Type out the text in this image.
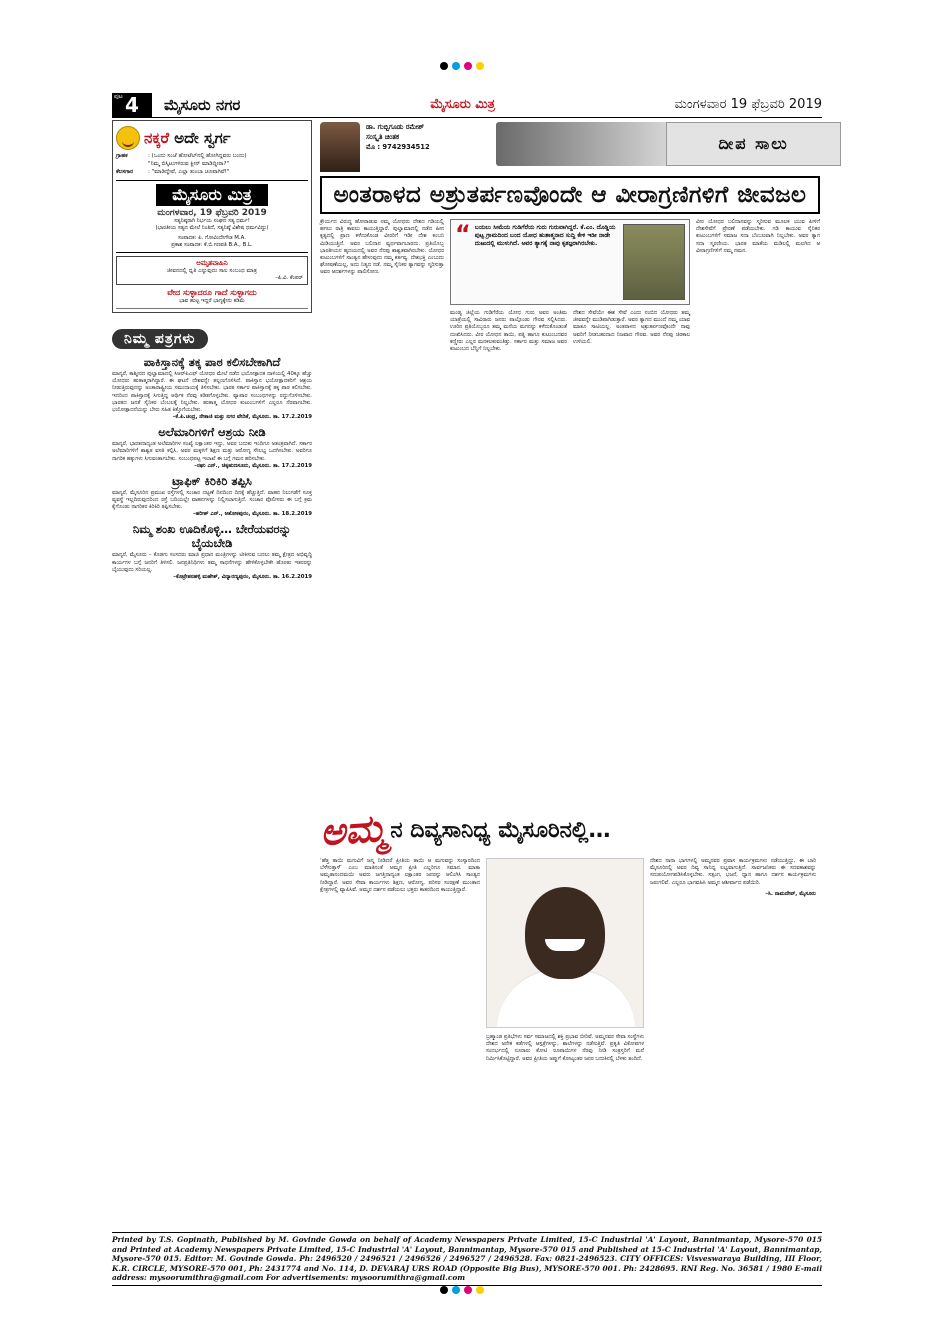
ಪುಟ 4 ಮೈಸೂರು ನಗರ	ಮೈಸೂರು ಮಿತ್ರ	ಮಂಗಳವಾರ 19 ಫೆಬ್ರವರಿ 2019
ನಕ್ಕರೆ ಅದೇ ಸ್ವರ್ಗ
ಗ್ರಾಹಕ	: (ಒಂದು ಸಂಜೆ ಹೋಟೆಲ್‌ನಲ್ಲಿ ಹೋಗಿದ್ದವರು ಬಂದು)
"ನಿಮ್ಮ ಬಿಸ್ಕಿಟುಗಳಿರುವ ಕ್ಲೀನ್ ಮಾಡಿದ್ದೀರಾ?"
ಕೆಲಸಗಾರ	: "ಮಾಡಿದ್ದೇವೆ, ಎಲ್ಲಾ ತುಂಬಾ ಚೂಪಾಗಿವೆ!"
ಮೈಸೂರು ಮಿತ್ರ
ಮಂಗಳವಾರ, 19 ಫೆಬ್ರವರಿ 2019
ಸತ್ಯನಿಷ್ಠರಾಗಿ ನಿರ್ಭಯ ಸಂಘದ ಸತ್ಯ ಧರ್ಮ!
(ಭಾರತೀಯ ಸತ್ಯದ ಮೇಲೆ ನಿಂತಿದೆ, ಸತ್ಯನಿಷ್ಠೆ ವಿಶೇಷ ಧರ್ಮವಿದ್ದು)
ಸಂಪಾದಕ: ಪಿ. ಗೋವಿಂದೇಗೌಡ M.A.
ಪ್ರಕಾಶ ಸಂಪಾದಕ: ಕೆ.ಬಿ.ಗಣಪತಿ B.A., B.L.
ಅಮೃತವಾಹಿನಿ
ಜೀವನದಲ್ಲಿ ಧೃತಿ ಎನ್ನುವುದು ಸಾಲ ಸಂಬಂಧ ಮಾತ್ರ
–ಪಿ.ವಿ. ಕೆಂಪರ್
ವೇದ ಸುಳ್ಳಾದರೂ ಗಾದೆ ಸುಳ್ಳಾಗದು
ಭಾವ ಹುಟ್ಟ ಇದ್ದರೆ ಭಾಗ್ಯಕ್ಕೇನು ಕಡಿಮೆ
ನಿಮ್ಮ ಪತ್ರಗಳು
ಪಾಕಿಸ್ತಾನಕ್ಕೆ ತಕ್ಕ ಪಾಠ ಕಲಿಸಬೇಕಾಗಿದೆ
ಮಾನ್ಯರೆ, ಕಾಶ್ಮೀರದ ಪುಲ್ವಾಮಾದಲ್ಲಿ ಸಿಆರ್‌ಪಿಎಫ್ ಯೋಧರ ಮೇಲೆ ನಡೆದ ಭಯೋತ್ಪಾದಕ ದಾಳಿಯಲ್ಲಿ 40ಕ್ಕೂ ಹೆಚ್ಚು ಯೋಧರು ಹುತಾತ್ಮರಾಗಿದ್ದಾರೆ. ಈ ಘಟನೆ ದೇಶವನ್ನೇ ತಲ್ಲಣಗೊಳಿಸಿದೆ. ಪಾಕಿಸ್ತಾನ ಭಯೋತ್ಪಾದಕರಿಗೆ ಆಶ್ರಯ ನೀಡುತ್ತಿರುವುದನ್ನು ಅಂತಾರಾಷ್ಟ್ರೀಯ ಸಮುದಾಯಕ್ಕೆ ತಿಳಿಸಬೇಕು. ಭಾರತ ಸರ್ಕಾರ ಪಾಕಿಸ್ತಾನಕ್ಕೆ ತಕ್ಕ ಪಾಠ ಕಲಿಸಬೇಕು. ಇದರಿಂದ ಪಾಕಿಸ್ತಾನಕ್ಕೆ ಸಿಗುತ್ತಿದ್ದ ಆರ್ಥಿಕ ನೆರವು ಕಡಿತಗೊಳ್ಳಬೇಕು. ವ್ಯಾಪಾರ ಸಂಬಂಧಗಳನ್ನು ರದ್ದುಗೊಳಿಸಬೇಕು. ಭಾರತದ ಜನತೆ ಸೈನಿಕರ ಬೆಂಬಲಕ್ಕೆ ನಿಲ್ಲಬೇಕು. ಹುತಾತ್ಮ ಯೋಧರ ಕುಟುಂಬಗಳಿಗೆ ಎಲ್ಲರೂ ನೆರವಾಗಬೇಕು. ಭಯೋತ್ಪಾದನೆಯನ್ನು ಬೇರು ಸಹಿತ ಕಿತ್ತೊಗೆಯಬೇಕು.
–ಕೆ.ಪಿ.ಚಂದ್ರ, ನೇತಾಜಿ ಮತ್ತು ನಗರ ವೇದಿಕೆ, ಮೈಸೂರು. ತಾ. 17.2.2019
ಅಲೆಮಾರಿಗಳಿಗೆ ಆಶ್ರಯ ನೀಡಿ
ಮಾನ್ಯರೆ, ಭಾರತದಾದ್ಯಂತ ಅಲೆಮಾರಿಗಳ ಸಂಖ್ಯೆ ಲಕ್ಷಾಂತರ ಇದ್ದು, ಅವರ ಬದುಕು ಇಂದಿಗೂ ಅತಂತ್ರವಾಗಿದೆ. ಸರ್ಕಾರ ಅಲೆಮಾರಿಗಳಿಗೆ ಶಾಶ್ವತ ವಸತಿ ಕಲ್ಪಿಸಿ, ಅವರ ಮಕ್ಕಳಿಗೆ ಶಿಕ್ಷಣ ಮತ್ತು ಆರೋಗ್ಯ ಸೌಲಭ್ಯ ಒದಗಿಸಬೇಕು. ಅವರಿಗೂ ನಾಗರಿಕ ಹಕ್ಕುಗಳು ಸಿಗುವಂತಾಗಬೇಕು. ಸಂಬಂಧಪಟ್ಟ ಇಲಾಖೆ ಈ ಬಗ್ಗೆ ಗಮನ ಹರಿಸಬೇಕು.
–ರಘು ಎನ್., ಚಿಕ್ಕಹುಣಸೂರು, ಮೈಸೂರು. ತಾ. 17.2.2019
ಟ್ರಾಫಿಕ್ ಕಿರಿಕಿರಿ ತಪ್ಪಿಸಿ
ಮಾನ್ಯರೆ, ಮೈಸೂರಿನ ಪ್ರಮುಖ ರಸ್ತೆಗಳಲ್ಲಿ ಸಂಚಾರ ದಟ್ಟಣೆ ದಿನದಿಂದ ದಿನಕ್ಕೆ ಹೆಚ್ಚುತ್ತಿದೆ. ವಾಹನ ನಿಲುಗಡೆಗೆ ಸೂಕ್ತ ವ್ಯವಸ್ಥೆ ಇಲ್ಲದಿರುವುದರಿಂದ ರಸ್ತೆ ಬದಿಯಲ್ಲೇ ವಾಹನಗಳನ್ನು ನಿಲ್ಲಿಸಲಾಗುತ್ತಿದೆ. ಸಂಚಾರ ಪೊಲೀಸರು ಈ ಬಗ್ಗೆ ಕ್ರಮ ಕೈಗೊಂಡು ನಾಗರಿಕರ ಕಿರಿಕಿರಿ ತಪ್ಪಿಸಬೇಕು.
–ಹರೀಶ್ ಎನ್., ಅಶೋಕಪುರಂ, ಮೈಸೂರು. ತಾ. 18.2.2019
ನಿಮ್ಮ ಶಂಖ ಊದಿಕೊಳ್ಳಿ… ಬೇರೆಯವರನ್ನು ಬೈಯಬೇಡಿ
ಮಾನ್ಯರೆ, ಮೈಸೂರು – ಕೊಡಗು ಸಂಸದರು ಮಾಜಿ ಪ್ರಧಾನ ಮಂತ್ರಿಗಳನ್ನು ಟೀಕಿಸುವ ಬದಲು ತಮ್ಮ ಕ್ಷೇತ್ರದ ಅಭಿವೃದ್ಧಿ ಕಾರ್ಯಗಳ ಬಗ್ಗೆ ಜನರಿಗೆ ತಿಳಿಸಲಿ. ಜನಪ್ರತಿನಿಧಿಗಳು ತಮ್ಮ ಸಾಧನೆಗಳನ್ನು ಹೇಳಿಕೊಳ್ಳಬೇಕೇ ಹೊರತು ಇತರರನ್ನು ಬೈಯುವುದು ಸರಿಯಲ್ಲ.
–ಕೊಟ್ರೇಶನಹಳ್ಳಿ ಮಹೇಶ್, ವಿದ್ಯಾರಣ್ಯಪುರಂ, ಮೈಸೂರು. ತಾ. 16.2.2019
ಡಾ. ಗುಬ್ಬಿಗೂಡು ರಮೇಶ್
ಸಂಸ್ಕೃತಿ ಚಿಂತಕ
ಮೊ : 9742934512	ದೀಪ ಸಾಲು
ಅಂತರಾಳದ ಅಶ್ರುತರ್ಪಣವೊಂದೇ ಆ ವೀರಾಗ್ರಣಿಗಳಿಗೆ ಜೀವಜಲ
ಕ್ರೌರ್ಯದ ವಿರುದ್ಧ ಹೋರಾಡುವ ನಮ್ಮ ಯೋಧರು ದೇಶದ ಗಡಿಯಲ್ಲಿ ಹಗಲು ರಾತ್ರಿ ಕಾವಲು ಕಾಯುತ್ತಿದ್ದಾರೆ. ಪುಲ್ವಾಮಾದಲ್ಲಿ ನಡೆದ ಹೀನ ಕೃತ್ಯದಲ್ಲಿ ಪ್ರಾಣ ಕಳೆದುಕೊಂಡ ವೀರರಿಗೆ ಇಡೀ ದೇಶ ಕಂಬನಿ ಮಿಡಿಯುತ್ತಿದೆ. ಅವರ ಬಲಿದಾನ ವ್ಯರ್ಥವಾಗಬಾರದು. ಪ್ರತಿಯೊಬ್ಬ ಭಾರತೀಯನ ಹೃದಯದಲ್ಲಿ ಅವರ ನೆನಪು ಶಾಶ್ವತವಾಗಿರಬೇಕು. ಯೋಧರ ಕುಟುಂಬಗಳಿಗೆ ಸಾಂತ್ವನ ಹೇಳುವುದು ನಮ್ಮ ಕರ್ತವ್ಯ. ದೇಶಭಕ್ತಿ ಎಂಬುದು ಘೋಷಣೆಯಲ್ಲ, ಅದು ನಿತ್ಯದ ನಡೆ. ನಮ್ಮ ಸೈನಿಕರ ತ್ಯಾಗವನ್ನು ಸ್ಮರಿಸುತ್ತಾ ಅವರ ಆದರ್ಶಗಳನ್ನು ಪಾಲಿಸೋಣ.
“ ಬಯಲು ಸೀಮೆಯ ಗುಡಿಗೆರೆಯ ಗುರು ಗುರುವಾಗಿದ್ದರೆ. ಕೆ.ಎಂ. ದೊಡ್ಡಿಯ ಪುಟ್ಟ ಗ್ರಾಮದಿಂದ ಬಂದ ಯೋಧ ಹುತಾತ್ಮನಾದ ಸುದ್ದಿ ಕೇಳಿ ಇಡೀ ನಾಡೇ ದುಃಖದಲ್ಲಿ ಮುಳುಗಿದೆ. ಅವರ ತ್ಯಾಗಕ್ಕೆ ನಾವು ಕೃತಜ್ಞರಾಗಿರಬೇಕು.
ಮಂಡ್ಯ ಜಿಲ್ಲೆಯ ಗುಡಿಗೆರೆಯ ಯೋಧ ಗುರು ಅವರ ಅಂತಿಮ ಯಾತ್ರೆಯಲ್ಲಿ ಸಾವಿರಾರು ಜನರು ಪಾಲ್ಗೊಂಡು ಗೌರವ ಸಲ್ಲಿಸಿದರು. ಊರಿನ ಪ್ರತಿಯೊಬ್ಬರೂ ತಮ್ಮ ಮನೆಯ ಮಗನನ್ನು ಕಳೆದುಕೊಂಡಂತೆ ದುಃಖಿಸಿದರು. ವೀರ ಯೋಧನ ತಾಯಿ, ಪತ್ನಿ ಹಾಗೂ ಕುಟುಂಬದವರ ಕಣ್ಣೀರು ಎಲ್ಲರ ಮನಕಲಕುವಂತಿತ್ತು. ಸರ್ಕಾರ ಮತ್ತು ಸಮಾಜ ಅವರ ಕುಟುಂಬದ ಬೆನ್ನಿಗೆ ನಿಲ್ಲಬೇಕು.
ದೇಶದ ಸೇವೆಯೇ ಈಶ ಸೇವೆ ಎಂದು ನಂಬಿದ ಯೋಧರು ತಮ್ಮ ಜೀವವನ್ನೇ ಮುಡಿಪಾಗಿಡುತ್ತಾರೆ. ಅವರ ತ್ಯಾಗದ ಮುಂದೆ ನಮ್ಮ ಯಾವ ಮಾತೂ ಸಾಟಿಯಲ್ಲ. ಅಂತರಾಳದ ಅಶ್ರುತರ್ಪಣವೊಂದೇ ನಾವು ಅವರಿಗೆ ನೀಡಬಹುದಾದ ನಿಜವಾದ ಗೌರವ. ಅವರ ನೆನಪು ಚಿರಕಾಲ ಉಳಿಯಲಿ.
ವೀರ ಯೋಧರ ಬಲಿದಾನವನ್ನು ಸ್ಮರಿಸುವ ಮೂಲಕ ಯುವ ಪೀಳಿಗೆ ದೇಶಸೇವೆಗೆ ಪ್ರೇರಣೆ ಪಡೆಯಬೇಕು. ಗಡಿ ಕಾಯುವ ಸೈನಿಕರ ಕುಟುಂಬಗಳಿಗೆ ಸಮಾಜ ಸದಾ ಬೆಂಬಲವಾಗಿ ನಿಲ್ಲಬೇಕು. ಅವರ ತ್ಯಾಗ ಸದಾ ಸ್ಮರಣೀಯ. ಭಾರತ ಮಾತೆಯ ಮಡಿಲಲ್ಲಿ ಮಲಗಿದ ಆ ವೀರಾಗ್ರಣಿಗಳಿಗೆ ನಮ್ಮ ನಮನ.
ಅಮ್ಮ ನ ದಿವ್ಯಸಾನಿಧ್ಯ ಮೈಸೂರಿನಲ್ಲಿ…
‘ಹೆತ್ತ ತಾಯಿ ಮಗುವಿಗೆ ಜನ್ಮ ನೀಡಿದರೆ ಪ್ರೀತಿಯ ತಾಯಿ ಆ ಮಗುವನ್ನು ಸಂಸ್ಕಾರದಿಂದ ಬೆಳೆಸುತ್ತಾಳೆ’ ಎಂಬ ಮಾತಿನಂತೆ ಅಮ್ಮನ ಪ್ರೀತಿ ಎಲ್ಲರಿಗೂ ಸಮಾನ. ಮಾತಾ ಅಮೃತಾನಂದಮಯಿ ಅವರು ಜಗತ್ತಿನಾದ್ಯಂತ ಲಕ್ಷಾಂತರ ಜನರನ್ನು ಆಲಿಂಗಿಸಿ ಸಾಂತ್ವನ ನೀಡಿದ್ದಾರೆ. ಅವರ ಸೇವಾ ಕಾರ್ಯಗಳು ಶಿಕ್ಷಣ, ಆರೋಗ್ಯ, ಪರಿಸರ ಸಂರಕ್ಷಣೆ ಮುಂತಾದ ಕ್ಷೇತ್ರಗಳಲ್ಲಿ ವ್ಯಾಪಿಸಿವೆ. ಅಮ್ಮನ ದರ್ಶನ ಪಡೆಯಲು ಭಕ್ತರು ಕಾತರದಿಂದ ಕಾಯುತ್ತಿದ್ದಾರೆ.
ಬ್ರಹ್ಮಾಂಡ ಪ್ರತಿಭೆಗಳು ಸರ್ವ ಸಮಾಜದಲ್ಲಿ ಶಕ್ತಿ ಪ್ರಭಾವ ಬೀರಿವೆ. ಅಮ್ಮನವರ ಸೇವಾ ಸಂಸ್ಥೆಗಳು ದೇಶದ ಅನೇಕ ಕಡೆಗಳಲ್ಲಿ ಆಸ್ಪತ್ರೆಗಳನ್ನು, ಶಾಲೆಗಳನ್ನು ನಡೆಸುತ್ತಿವೆ. ಪ್ರಕೃತಿ ವಿಕೋಪಗಳ ಸಂದರ್ಭದಲ್ಲಿ ನೂರಾರು ಕೋಟಿ ರೂಪಾಯಿಗಳ ನೆರವು ನೀಡಿ ಸಂತ್ರಸ್ತರಿಗೆ ಮನೆ ನಿರ್ಮಿಸಿಕೊಟ್ಟಿದ್ದಾರೆ. ಅವರ ಪ್ರೀತಿಯ ಅಪ್ಪುಗೆ ಕೋಟ್ಯಂತರ ಜನರ ಬದುಕಿನಲ್ಲಿ ಬೆಳಕು ತಂದಿದೆ.
ದೇಶದ ನಾನಾ ಭಾಗಗಳಲ್ಲಿ ಅಮ್ಮನವರ ಪ್ರವಾಸ ಕಾರ್ಯಕ್ರಮಗಳು ನಡೆಯುತ್ತಿದ್ದು, ಈ ಬಾರಿ ಮೈಸೂರಿನಲ್ಲಿ ಅವರ ದಿವ್ಯ ಸಾನಿಧ್ಯ ಲಭ್ಯವಾಗುತ್ತಿದೆ. ಸಾರ್ವಜನಿಕರು ಈ ಸದವಕಾಶವನ್ನು ಸದುಪಯೋಗಪಡಿಸಿಕೊಳ್ಳಬೇಕು. ಸತ್ಸಂಗ, ಭಜನೆ, ಧ್ಯಾನ ಹಾಗೂ ದರ್ಶನ ಕಾರ್ಯಕ್ರಮಗಳು ಜರುಗಲಿವೆ. ಎಲ್ಲರೂ ಭಾಗವಹಿಸಿ ಅಮ್ಮನ ಆಶೀರ್ವಾದ ಪಡೆಯಿರಿ.
–ಸಿ. ನಾಮದೇವ್, ಮೈಸೂರು
Printed by T.S. Gopinath, Published by M. Govinde Gowda on behalf of Academy Newspapers Private Limited, 15-C Industrial 'A' Layout, Bannimantap, Mysore-570 015 and Printed at Academy Newspapers Private Limited, 15-C Industrial 'A' Layout, Bannimantap, Mysore-570 015 and Published at 15-C Industrial 'A' Layout, Bannimantap, Mysore-570 015. Editor: M. Govinde Gowda. Ph: 2496520 / 2496521 / 2496526 / 2496527 / 2496528. Fax: 0821-2496523. CITY OFFICES: Visveswaraya Building, III Floor, K.R. CIRCLE, MYSORE-570 001, Ph: 2431774 and No. 114, D. DEVARAJ URS ROAD (Opposite Big Bus), MYSORE-570 001. Ph: 2428695. RNI Reg. No. 36581 / 1980 E-mail address: mysoorumithra@gmail.com For advertisements: mysoorumithra@gmail.com
